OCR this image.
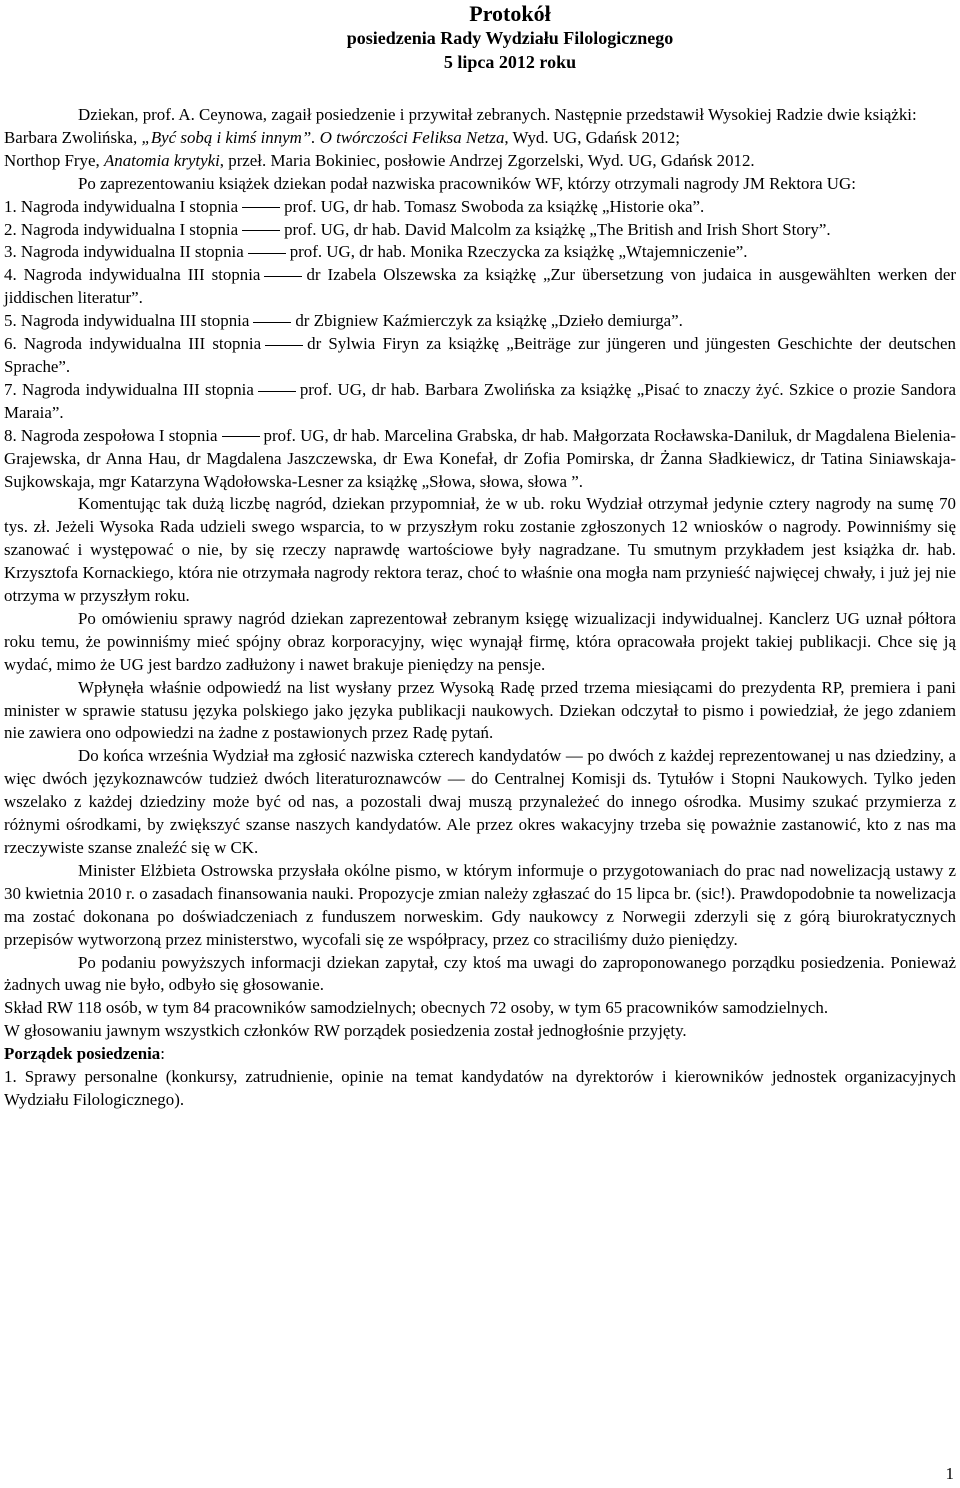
Protokół
posiedzenia Rady Wydziału Filologicznego
5 lipca 2012 roku

Dziekan, prof. A. Ceynowa, zagaił posiedzenie i przywitał zebranych. Następnie przedstawił Wysokiej Radzie dwie książki:

Barbara Zwolińska, „Być sobą i kimś innym”. O twórczości Feliksa Netza, Wyd. UG, Gdańsk 2012;

Northop Frye, Anatomia krytyki, przeł. Maria Bokiniec, posłowie Andrzej Zgorzelski, Wyd. UG, Gdańsk 2012.

Po zaprezentowaniu książek dziekan podał nazwiska pracowników WF, którzy otrzymali nagrody JM Rektora UG:

1. Nagroda indywidualna I stopnia	prof. UG, dr hab. Tomasz Swoboda za książkę „Historie oka”.

2. Nagroda indywidualna I stopnia	prof. UG, dr hab. David Malcolm za książkę „The British and Irish Short Story”.

3. Nagroda indywidualna II stopnia	prof. UG, dr hab. Monika Rzeczycka za książkę „Wtajemniczenie”.

4. Nagroda indywidualna III stopnia	dr Izabela Olszewska za książkę „Zur übersetzung von judaica in ausgewählten werken der jiddischen literatur”.

5. Nagroda indywidualna III stopnia	dr Zbigniew Kaźmierczyk za książkę „Dzieło demiurga”.

6. Nagroda indywidualna III stopnia	dr Sylwia Firyn za książkę „Beiträge zur jüngeren und jüngesten Geschichte der deutschen Sprache”.

7. Nagroda indywidualna III stopnia	prof. UG, dr hab. Barbara Zwolińska za książkę „Pisać to znaczy żyć. Szkice o prozie Sandora Maraia”.

8. Nagroda zespołowa I stopnia	prof. UG, dr hab. Marcelina Grabska, dr hab. Małgorzata Rocławska-Daniluk, dr Magdalena Bielenia- Grajewska, dr Anna Hau, dr Magdalena Jaszczewska, dr Ewa Konefał, dr Zofia Pomirska, dr Żanna Sładkiewicz, dr Tatina Siniawskaja-Sujkowskaja, mgr Katarzyna Wądołowska-Lesner za książkę „Słowa, słowa, słowa ”.

Komentując tak dużą liczbę nagród, dziekan przypomniał, że w ub. roku Wydział otrzymał jedynie cztery nagrody na sumę 70 tys. zł. Jeżeli Wysoka Rada udzieli swego wsparcia, to w przyszłym roku zostanie zgłoszonych 12 wniosków o nagrody. Powinniśmy się szanować i występować o nie, by się rzeczy naprawdę wartościowe były nagradzane. Tu smutnym przykładem jest książka dr. hab. Krzysztofa Kornackiego, która nie otrzymała nagrody rektora teraz, choć to właśnie ona mogła nam przynieść najwięcej chwały, i już jej nie otrzyma w przyszłym roku.

Po omówieniu sprawy nagród dziekan zaprezentował zebranym księgę wizualizacji indywidualnej. Kanclerz UG uznał półtora roku temu, że powinniśmy mieć spójny obraz korporacyjny, więc wynajął firmę, która opracowała projekt takiej publikacji. Chce się ją wydać, mimo że UG jest bardzo zadłużony i nawet brakuje pieniędzy na pensje.

Wpłynęła właśnie odpowiedź na list wysłany przez Wysoką Radę przed trzema miesiącami do prezydenta RP, premiera i pani minister w sprawie statusu języka polskiego jako języka publikacji naukowych. Dziekan odczytał to pismo i powiedział, że jego zdaniem nie zawiera ono odpowiedzi na żadne z postawionych przez Radę pytań.

Do końca września Wydział ma zgłosić nazwiska czterech kandydatów — po dwóch z każdej reprezentowanej u nas dziedziny, a więc dwóch językoznawców tudzież dwóch literaturoznawców — do Centralnej Komisji ds. Tytułów i Stopni Naukowych. Tylko jeden wszelako z każdej dziedziny może być od nas, a pozostali dwaj muszą przynależeć do innego ośrodka. Musimy szukać przymierza z różnymi ośrodkami, by zwiększyć szanse naszych kandydatów. Ale przez okres wakacyjny trzeba się poważnie zastanowić, kto z nas ma rzeczywiste szanse znaleźć się w CK.

Minister Elżbieta Ostrowska przysłała okólne pismo, w którym informuje o przygotowaniach do prac nad nowelizacją ustawy z 30 kwietnia 2010 r. o zasadach finansowania nauki. Propozycje zmian należy zgłaszać do 15 lipca br. (sic!). Prawdopodobnie ta nowelizacja ma zostać dokonana po doświadczeniach z funduszem norweskim. Gdy naukowcy z Norwegii zderzyli się z górą biurokratycznych przepisów wytworzoną przez ministerstwo, wycofali się ze współpracy, przez co straciliśmy dużo pieniędzy.

Po podaniu powyższych informacji dziekan zapytał, czy ktoś ma uwagi do zaproponowanego porządku posiedzenia. Ponieważ żadnych uwag nie było, odbyło się głosowanie.

Skład RW 118 osób, w tym 84 pracowników samodzielnych; obecnych 72 osoby, w tym 65 pracowników samodzielnych.

W głosowaniu jawnym wszystkich członków RW porządek posiedzenia został jednogłośnie przyjęty.

Porządek posiedzenia:

1. Sprawy personalne (konkursy, zatrudnienie, opinie na temat kandydatów na dyrektorów i kierowników jednostek organizacyjnych Wydziału Filologicznego).

1
